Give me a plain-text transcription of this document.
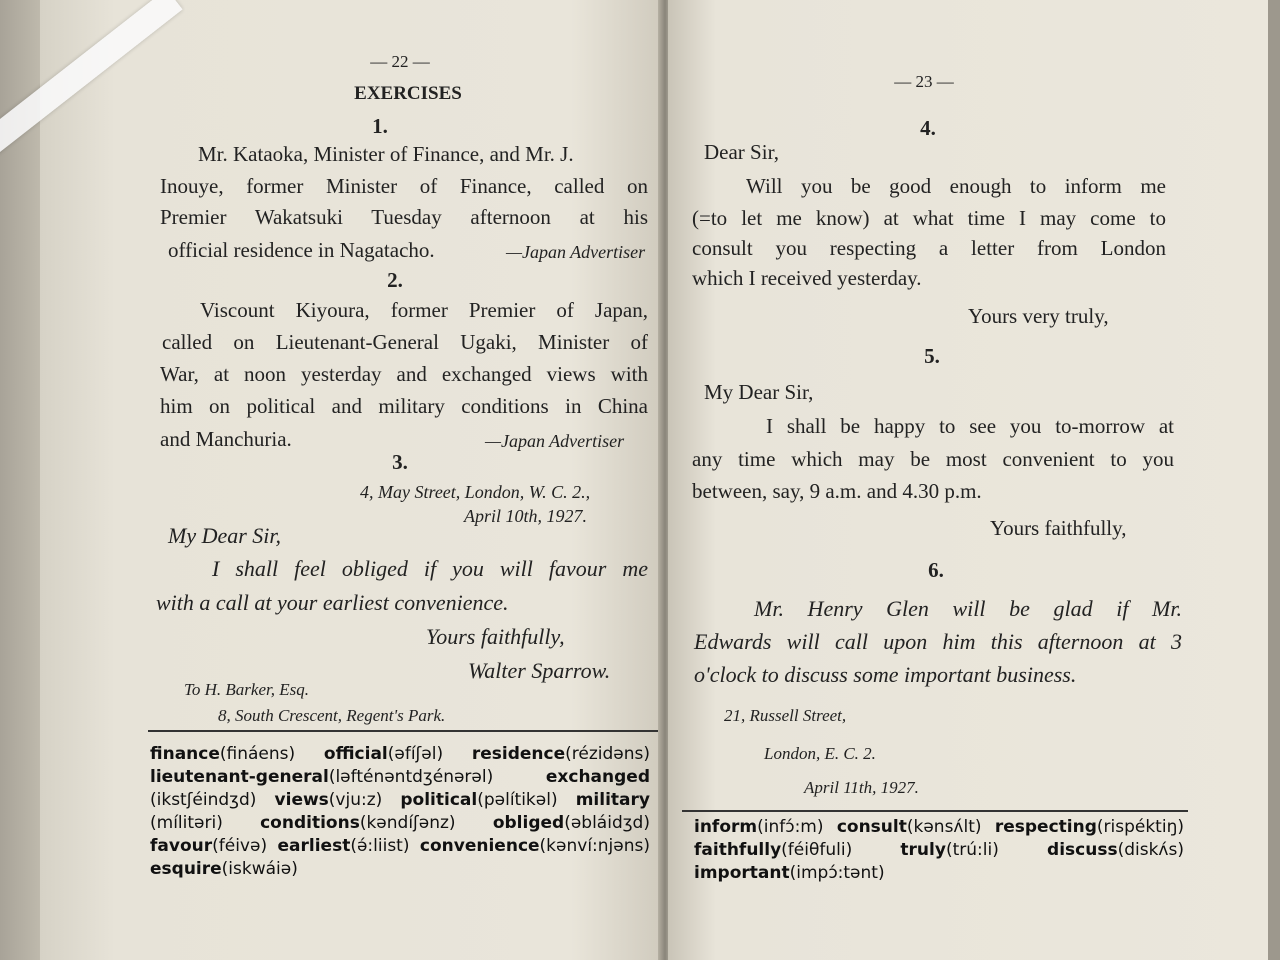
— 22 —
EXERCISES
1.
Mr. Kataoka, Minister of Finance, and Mr. J.
Inouye, former Minister of Finance, called on
Premier Wakatsuki Tuesday afternoon at his
official residence in Nagatacho.	—Japan Advertiser
2.
Viscount Kiyoura, former Premier of Japan,
called on Lieutenant-General Ugaki, Minister of
War, at noon yesterday and exchanged views with
him on political and military conditions in China
and Manchuria.	—Japan Advertiser
3.
4, May Street, London, W. C. 2.,
April 10th, 1927.
My Dear Sir,
I shall feel obliged if you will favour me
with a call at your earliest convenience.
Yours faithfully,
Walter Sparrow.
To H. Barker, Esq.
8, South Crescent, Regent's Park.
finance(fináens) official(əfíʃəl) residence(rézidəns)
lieutenant-general(ləfténəntdʒénərəl)	exchanged
(ikstʃéindʒd) views(vju:z) political(pəlítikəl) military
(mílitəri) conditions(kəndíʃənz) obliged(əbláidʒd)
favour(féivə) earliest(ə́:liist) convenience(kənví:njəns)
esquire(iskwáiə)
— 23 —
4.
Dear Sir,
Will you be good enough to inform me
(=to let me know) at what time I may come to
consult you respecting a letter from London
which I received yesterday.
Yours very truly,
5.
My Dear Sir,
I shall be happy to see you to-morrow at
any time which may be most convenient to you
between, say, 9 a.m. and 4.30 p.m.
Yours faithfully,
6.
Mr. Henry Glen will be glad if Mr.
Edwards will call upon him this afternoon at 3
o'clock to discuss some important business.
21, Russell Street,
London, E. C. 2.
April 11th, 1927.
inform(infɔ́:m) consult(kənsʌ́lt) respecting(rispéktiŋ)
faithfully(féiθfuli)	truly(trú:li)	discuss(diskʌ́s)
important(impɔ́:tənt)
